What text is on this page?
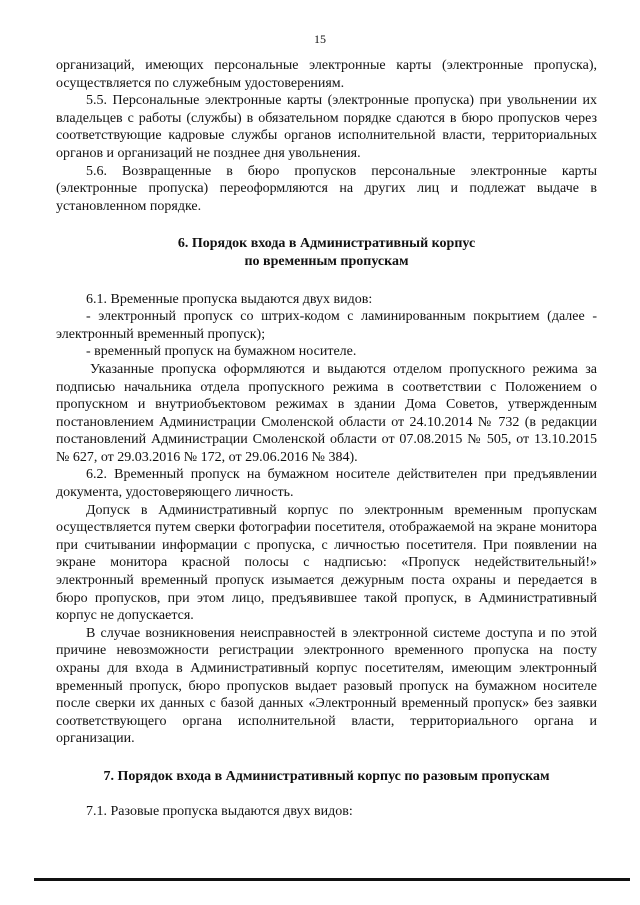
15

организаций, имеющих персональные электронные карты (электронные пропуска), осуществляется по служебным удостоверениям.

5.5. Персональные электронные карты (электронные пропуска) при увольнении их владельцев с работы (службы) в обязательном порядке сдаются в бюро пропусков через соответствующие кадровые службы органов исполнительной власти, территориальных органов и организаций не позднее дня увольнения.

5.6. Возвращенные в бюро пропусков персональные электронные карты (электронные пропуска) переоформляются на других лиц и подлежат выдаче в установленном порядке.

6. Порядок входа в Административный корпус

по временным пропускам

6.1. Временные пропуска выдаются двух видов:

- электронный пропуск со штрих-кодом с ламинированным покрытием (далее - электронный временный пропуск);

- временный пропуск на бумажном носителе.

Указанные пропуска оформляются и выдаются отделом пропускного режима за подписью начальника отдела пропускного режима в соответствии с Положением о пропускном и внутриобъектовом режимах в здании Дома Советов, утвержденным постановлением Администрации Смоленской области от 24.10.2014 № 732 (в редакции постановлений Администрации Смоленской области от 07.08.2015 № 505, от 13.10.2015 № 627, от 29.03.2016 № 172, от 29.06.2016 № 384).

6.2. Временный пропуск на бумажном носителе действителен при предъявлении документа, удостоверяющего личность.

Допуск в Административный корпус по электронным временным пропускам осуществляется путем сверки фотографии посетителя, отображаемой на экране монитора при считывании информации с пропуска, с личностью посетителя. При появлении на экране монитора красной полосы с надписью: «Пропуск недействительный!» электронный временный пропуск изымается дежурным поста охраны и передается в бюро пропусков, при этом лицо, предъявившее такой пропуск, в Административный корпус не допускается.

В случае возникновения неисправностей в электронной системе доступа и по этой причине невозможности регистрации электронного временного пропуска на посту охраны для входа в Административный корпус посетителям, имеющим электронный временный пропуск, бюро пропусков выдает разовый пропуск на бумажном носителе после сверки их данных с базой данных «Электронный временный пропуск» без заявки соответствующего органа исполнительной власти, территориального органа и организации.

7. Порядок входа в Административный корпус по разовым пропускам

7.1. Разовые пропуска выдаются двух видов:
